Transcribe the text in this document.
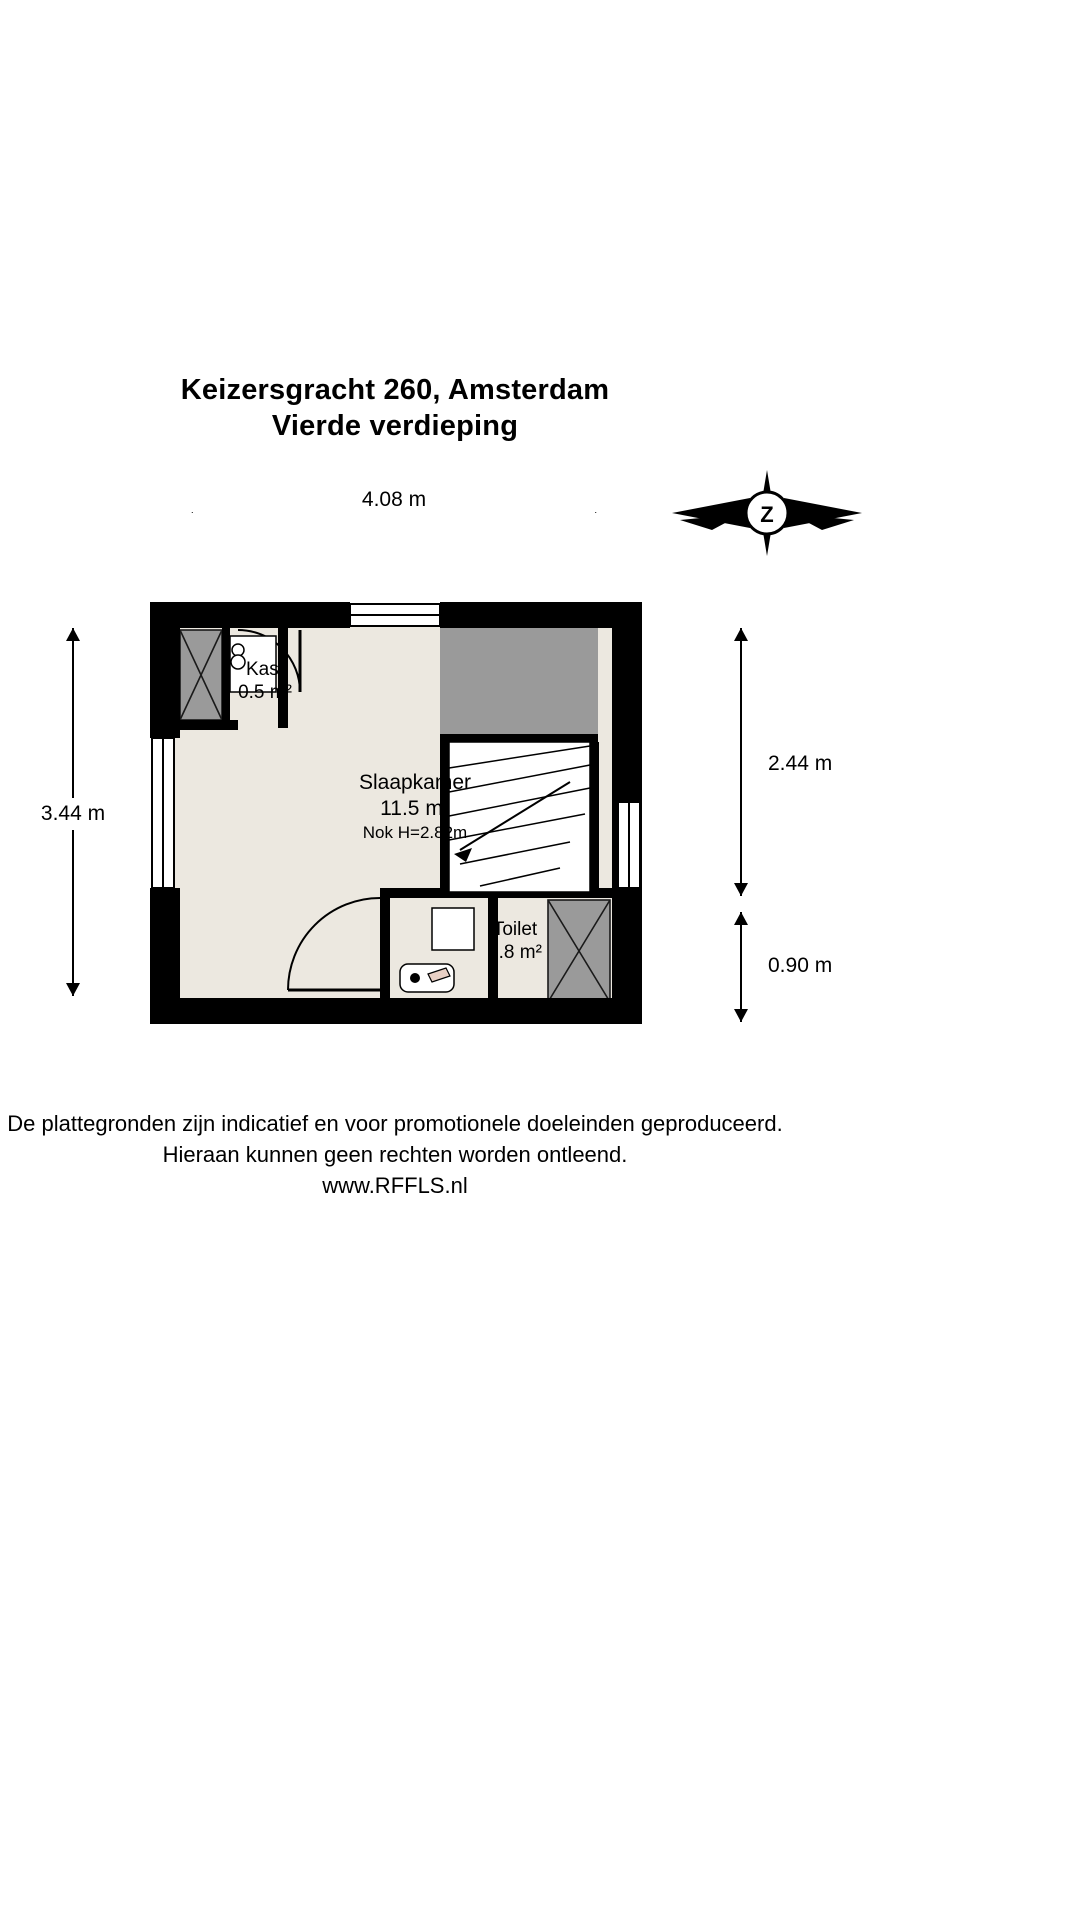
Keizersgracht 260, Amsterdam
Vierde verdieping
4.08 m
3.44 m
2.44 m
0.90 m
Z
Slaapkamer
11.5 m²
Nok H=2.82m
Kast
0.5 m²
Toilet
0.8 m²
De plattegronden zijn indicatief en voor promotionele doeleinden geproduceerd.
Hieraan kunnen geen rechten worden ontleend.
www.RFFLS.nl
